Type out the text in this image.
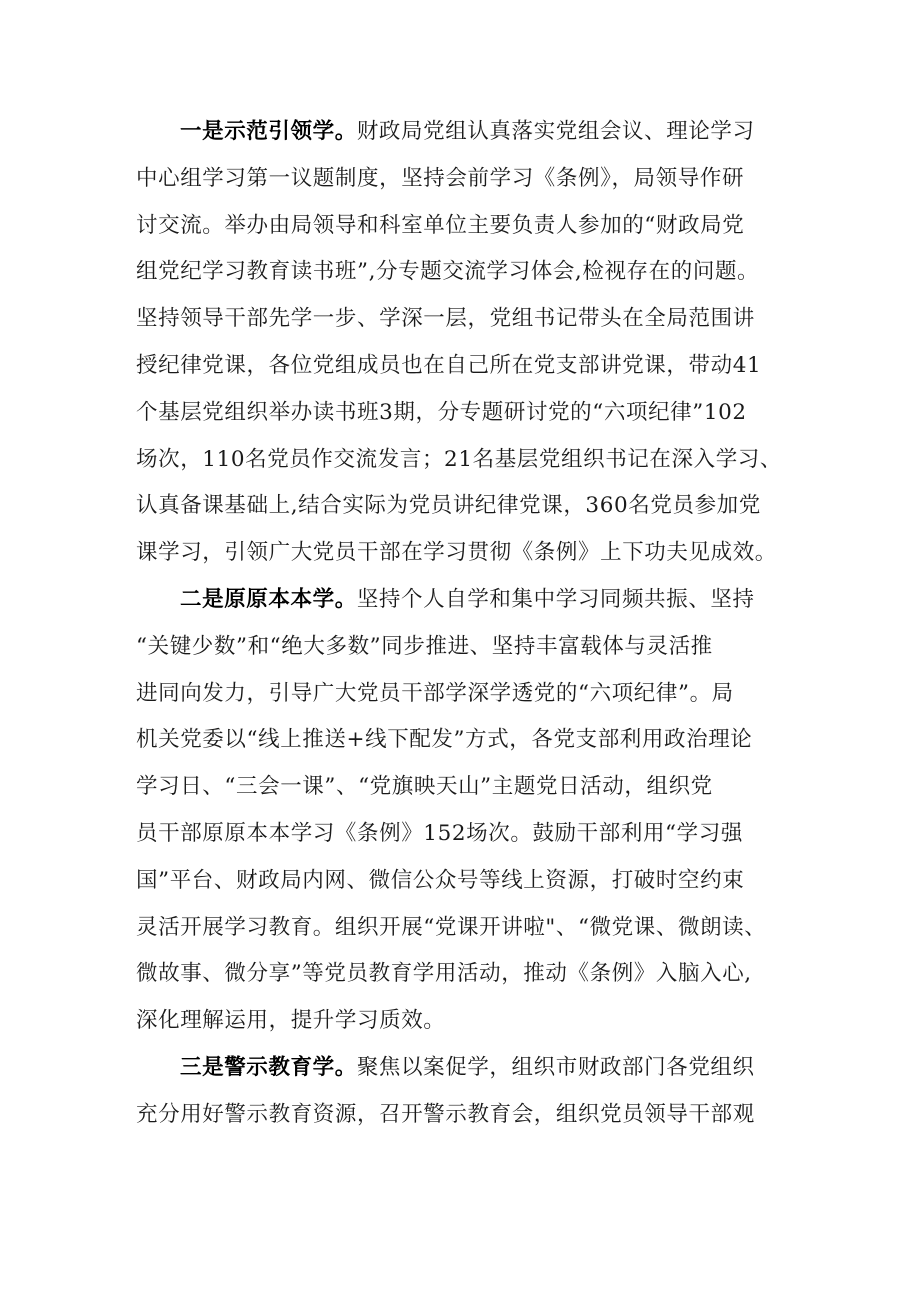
一是示范引领学。财政局党组认真落实党组会议、理论学习
中心组学习第一议题制度，坚持会前学习《条例》，局领导作研
讨交流。举办由局领导和科室单位主要负责人参加的“财政局党
组党纪学习教育读书班”,分专题交流学习体会,检视存在的问题。
坚持领导干部先学一步、学深一层，党组书记带头在全局范围讲
授纪律党课，各位党组成员也在自己所在党支部讲党课，带动41
个基层党组织举办读书班3期，分专题研讨党的“六项纪律”102
场次，110名党员作交流发言；21名基层党组织书记在深入学习、
认真备课基础上,结合实际为党员讲纪律党课，360名党员参加党
课学习，引领广大党员干部在学习贯彻《条例》上下功夫见成效。
二是原原本本学。坚持个人自学和集中学习同频共振、坚持
“关键少数”和“绝大多数”同步推进、坚持丰富载体与灵活推
进同向发力，引导广大党员干部学深学透党的“六项纪律”。局
机关党委以“线上推送+线下配发”方式，各党支部利用政治理论
学习日、“三会一课”、“党旗映天山”主题党日活动，组织党
员干部原原本本学习《条例》152场次。鼓励干部利用“学习强
国”平台、财政局内网、微信公众号等线上资源，打破时空约束
灵活开展学习教育。组织开展“党课开讲啦"、“微党课、微朗读、
微故事、微分享”等党员教育学用活动，推动《条例》入脑入心,
深化理解运用，提升学习质效。
三是警示教育学。聚焦以案促学，组织市财政部门各党组织
充分用好警示教育资源，召开警示教育会，组织党员领导干部观
